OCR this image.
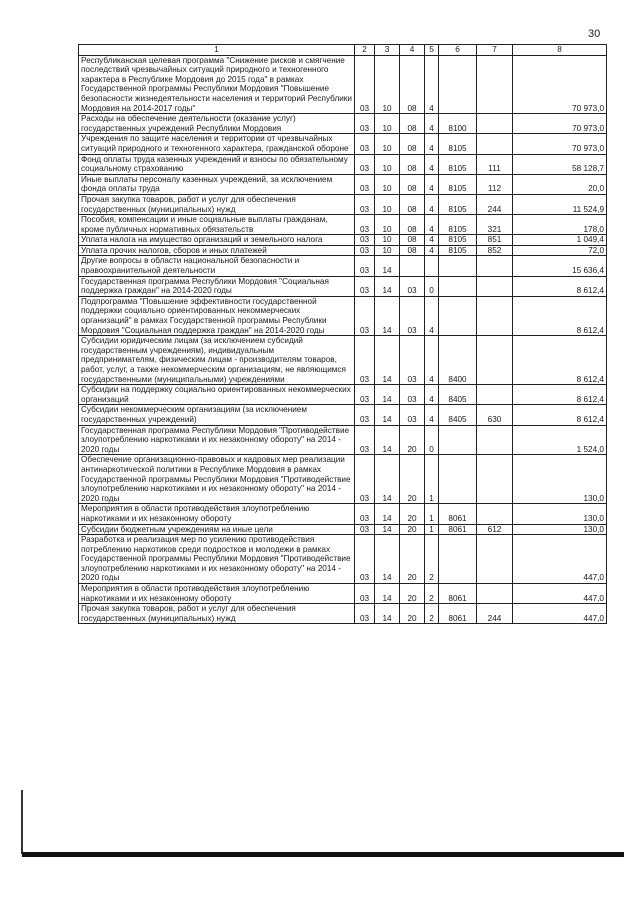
30
1	2	3	4	5	6	7	8
Республиканская целевая программа "Снижение рисков и смягчение последствий чрезвычайных ситуаций природного и техногенного характера в Республике Мордовия до 2015 года" в рамках Государственной программы Республики Мордовия "Повышение безопасности жизнедеятельности населения и территорий Республики Мордовия на 2014-2017 годы"	03	10	08	4			70 973,0
Расходы на обеспечение деятельности (оказание услуг) государственных учреждений Республики Мордовия	03	10	08	4	8100		70 973,0
Учреждения по защите населения и территории от чрезвычайных ситуаций природного и техногенного характера, гражданской обороне	03	10	08	4	8105		70 973,0
Фонд оплаты труда казенных учреждений и взносы по обязательному социальному страхованию	03	10	08	4	8105	111	58 128,7
Иные выплаты персоналу казенных учреждений, за исключением фонда оплаты труда	03	10	08	4	8105	112	20,0
Прочая закупка товаров, работ и услуг для обеспечения государственных (муниципальных) нужд	03	10	08	4	8105	244	11 524,9
Пособия, компенсации и иные социальные выплаты гражданам, кроме публичных нормативных обязательств	03	10	08	4	8105	321	178,0
Уплата налога на имущество организаций и земельного налога	03	10	08	4	8105	851	1 049,4
Уплата прочих налогов, сборов и иных платежей	03	10	08	4	8105	852	72,0
Другие вопросы в области национальной безопасности и правоохранительной деятельности	03	14					15 636,4
Государственная программа Республики Мордовия "Социальная поддержка граждан" на 2014-2020 годы	03	14	03	0			8 612,4
Подпрограмма "Повышение эффективности государственной поддержки социально ориентированных некоммерческих организаций" в рамках Государственной программы Республики Мордовия "Социальная поддержка граждан" на 2014-2020 годы	03	14	03	4			8 612,4
Субсидии юридическим лицам (за исключением субсидий государственным учреждениям), индивидуальным предпринимателям, физическим лицам - производителям товаров, работ, услуг, а также некоммерческим организациям, не являющимся государственными (муниципальными) учреждениями	03	14	03	4	8400		8 612,4
Субсидии на поддержку социально ориентированных некоммерческих организаций	03	14	03	4	8405		8 612,4
Субсидии некоммерческим организациям (за исключением государственных учреждений)	03	14	03	4	8405	630	8 612,4
Государственная программа Республики Мордовия "Противодействие злоупотреблению наркотиками и их незаконному обороту" на 2014 - 2020 годы	03	14	20	0			1 524,0
Обеспечение организационно-правовых и кадровых мер реализации антинаркотической политики в Республике Мордовия в рамках Государственной программы Республики Мордовия "Противодействие злоупотреблению наркотиками и их незаконному обороту" на 2014 - 2020 годы	03	14	20	1			130,0
Мероприятия в области противодействия злоупотреблению наркотиками и их незаконному обороту	03	14	20	1	8061		130,0
Субсидии бюджетным учреждениям на иные цели	03	14	20	1	8061	612	130,0
Разработка и реализация мер по усилению противодействия потреблению наркотиков среди подростков и молодежи в рамках Государственной программы Республики Мордовия "Противодействие злоупотреблению наркотиками и их незаконному обороту" на 2014 - 2020 годы	03	14	20	2			447,0
Мероприятия в области противодействия злоупотреблению наркотиками и их незаконному обороту	03	14	20	2	8061		447,0
Прочая закупка товаров, работ и услуг для обеспечения государственных (муниципальных) нужд	03	14	20	2	8061	244	447,0
